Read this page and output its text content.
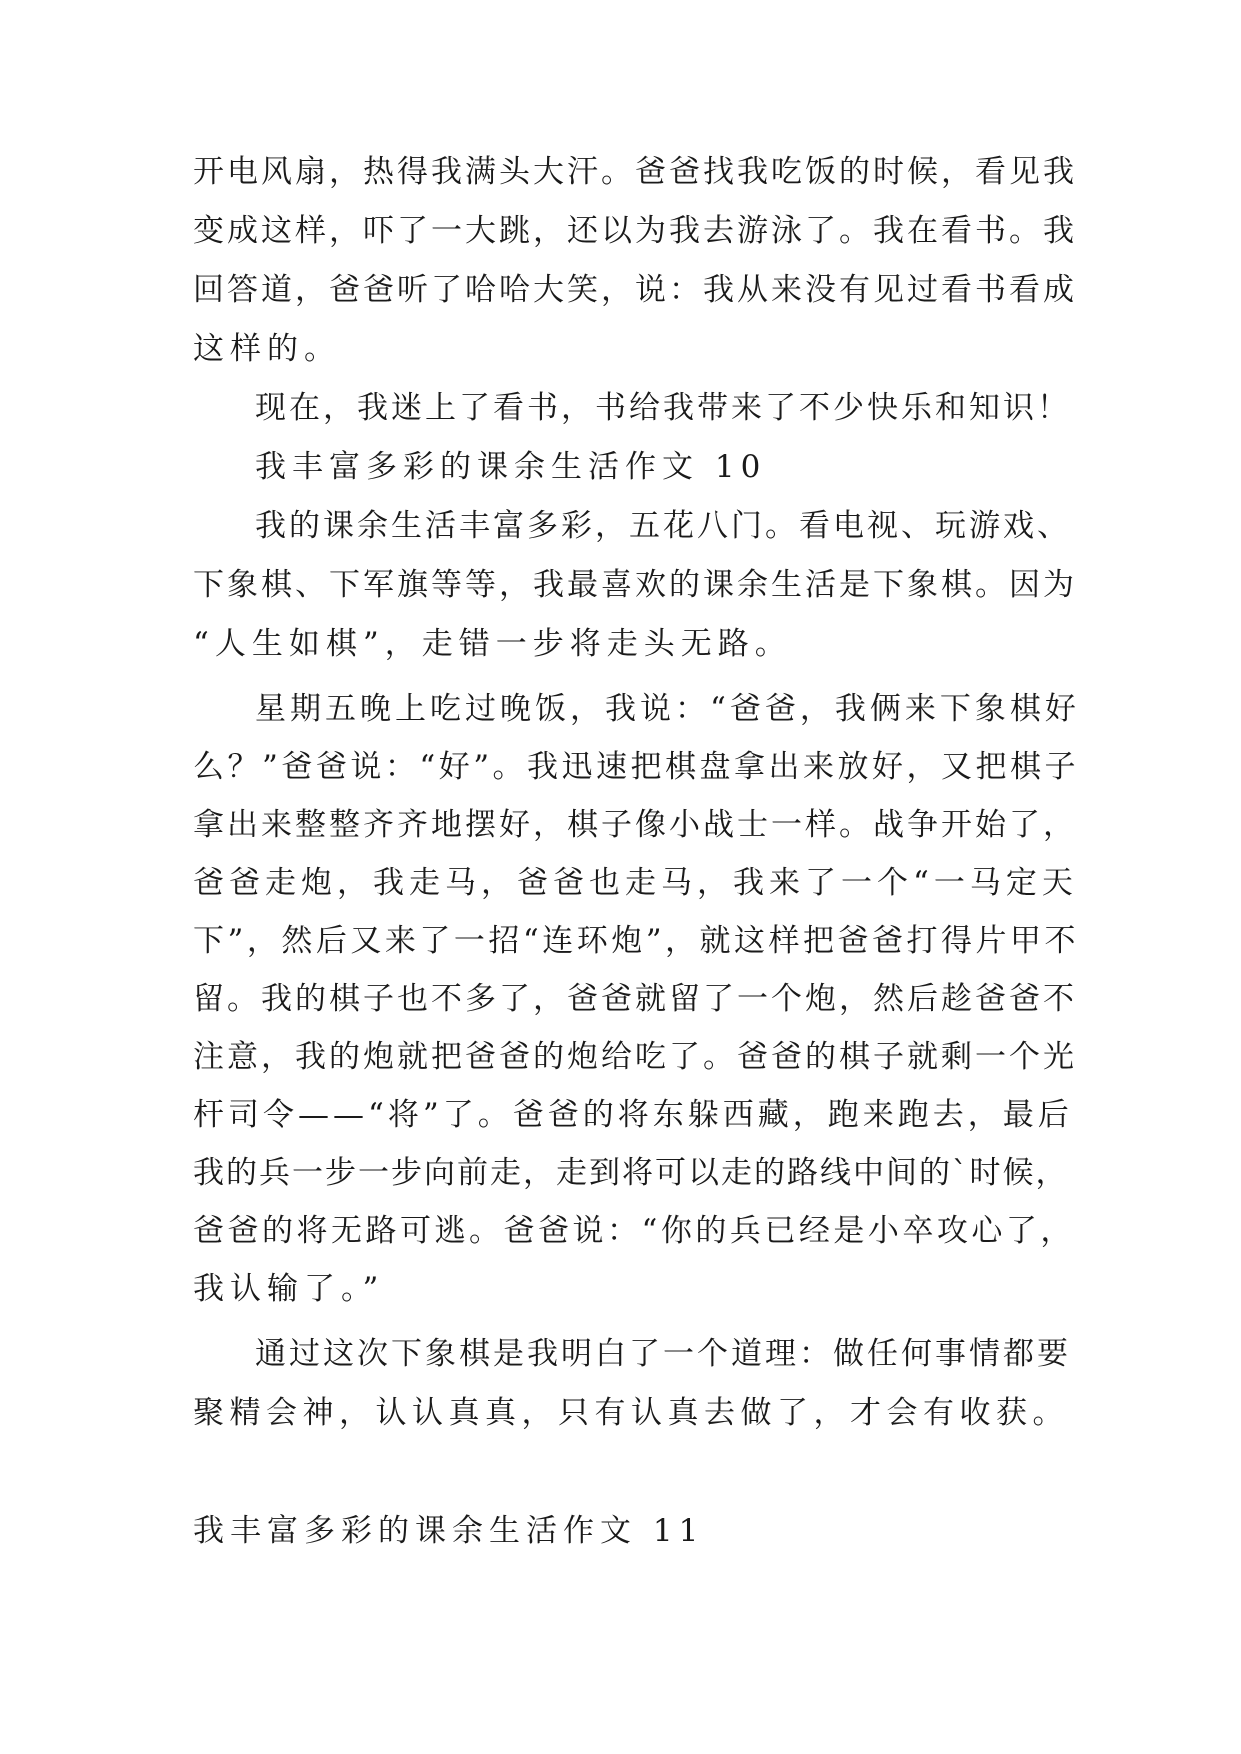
开电风扇，热得我满头大汗。爸爸找我吃饭的时候，看见我
变成这样，吓了一大跳，还以为我去游泳了。我在看书。我
回答道，爸爸听了哈哈大笑，说：我从来没有见过看书看成
这样的。
现在，我迷上了看书，书给我带来了不少快乐和知识！
我丰富多彩的课余生活作文 10
我的课余生活丰富多彩，五花八门。看电视、玩游戏、
下象棋、下军旗等等，我最喜欢的课余生活是下象棋。因为
“人生如棋”，走错一步将走头无路。
星期五晚上吃过晚饭，我说：“爸爸，我俩来下象棋好
么？”爸爸说：“好”。我迅速把棋盘拿出来放好，又把棋子
拿出来整整齐齐地摆好，棋子像小战士一样。战争开始了，
爸爸走炮，我走马，爸爸也走马，我来了一个“一马定天
下”，然后又来了一招“连环炮”，就这样把爸爸打得片甲不
留。我的棋子也不多了，爸爸就留了一个炮，然后趁爸爸不
注意，我的炮就把爸爸的炮给吃了。爸爸的棋子就剩一个光
杆司令——“将”了。爸爸的将东躲西藏，跑来跑去，最后
我的兵一步一步向前走，走到将可以走的路线中间的`时候，
爸爸的将无路可逃。爸爸说：“你的兵已经是小卒攻心了，
我认输了。”
通过这次下象棋是我明白了一个道理：做任何事情都要
聚精会神，认认真真，只有认真去做了，才会有收获。
我丰富多彩的课余生活作文 11
